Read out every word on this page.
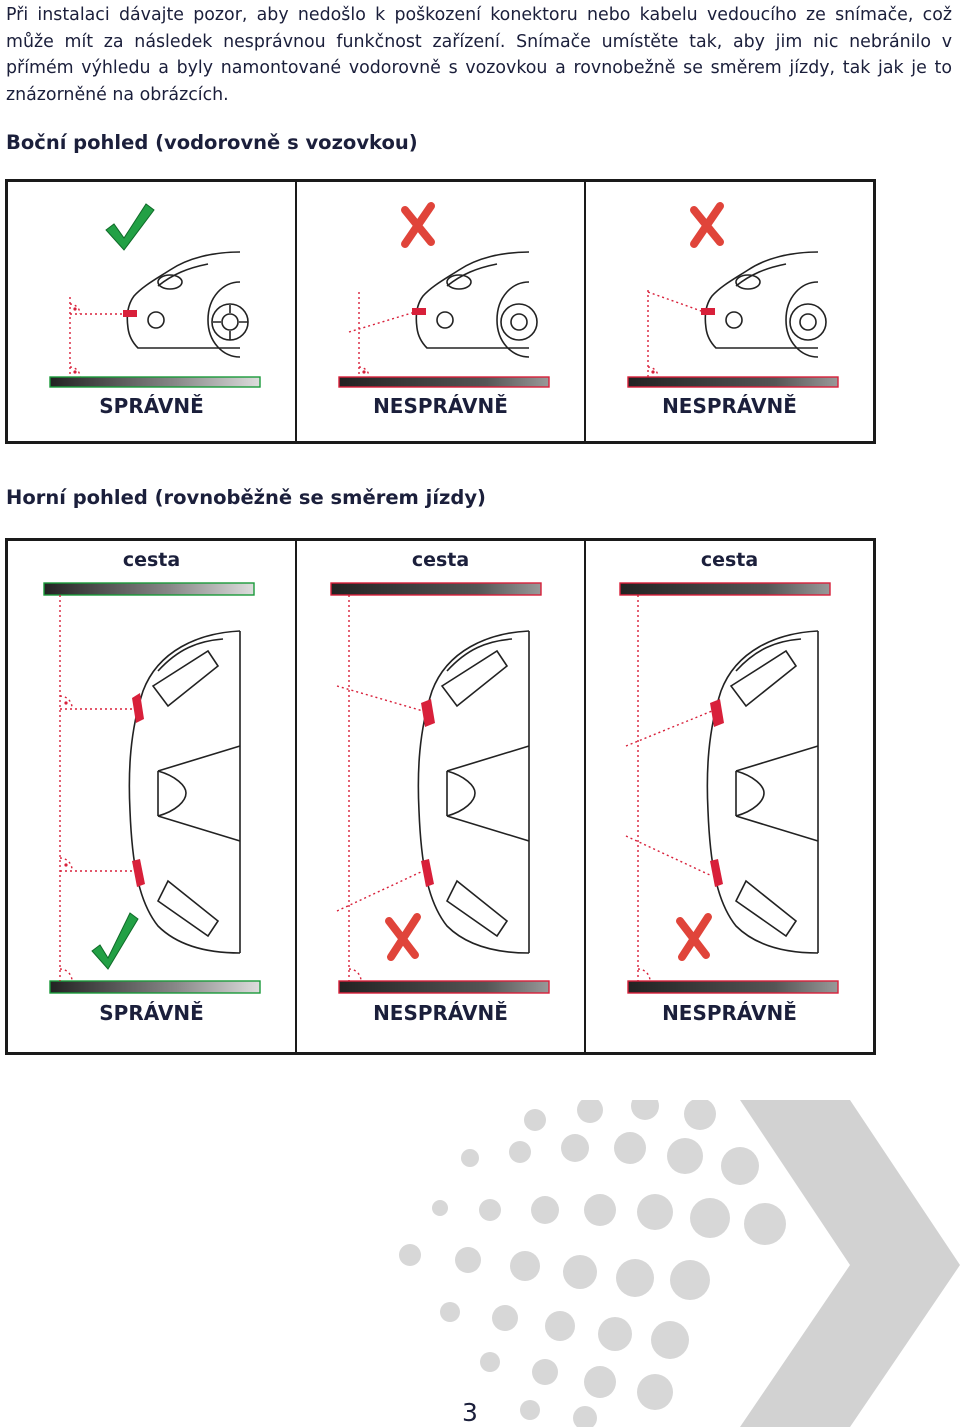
Při instalaci dávajte pozor, aby nedošlo k poškození konektoru nebo kabelu vedoucího ze snímače, což může mít za následek nesprávnou funkčnost zařízení. Snímače umístěte tak, aby jim nic nebránilo v přímém výhledu a byly namontované vodorovně s vozovkou a rovnobežně se směrem jízdy, tak jak je to znázorněné na obrázcích.

Boční pohled (vodorovně s vozovkou)
SPRÁVNĚ	NESPRÁVNĚ	NESPRÁVNĚ
Horní pohled (rovnoběžně se směrem jízdy)
cesta
SPRÁVNĚ
cesta
NESPRÁVNĚ
cesta
NESPRÁVNĚ
3
